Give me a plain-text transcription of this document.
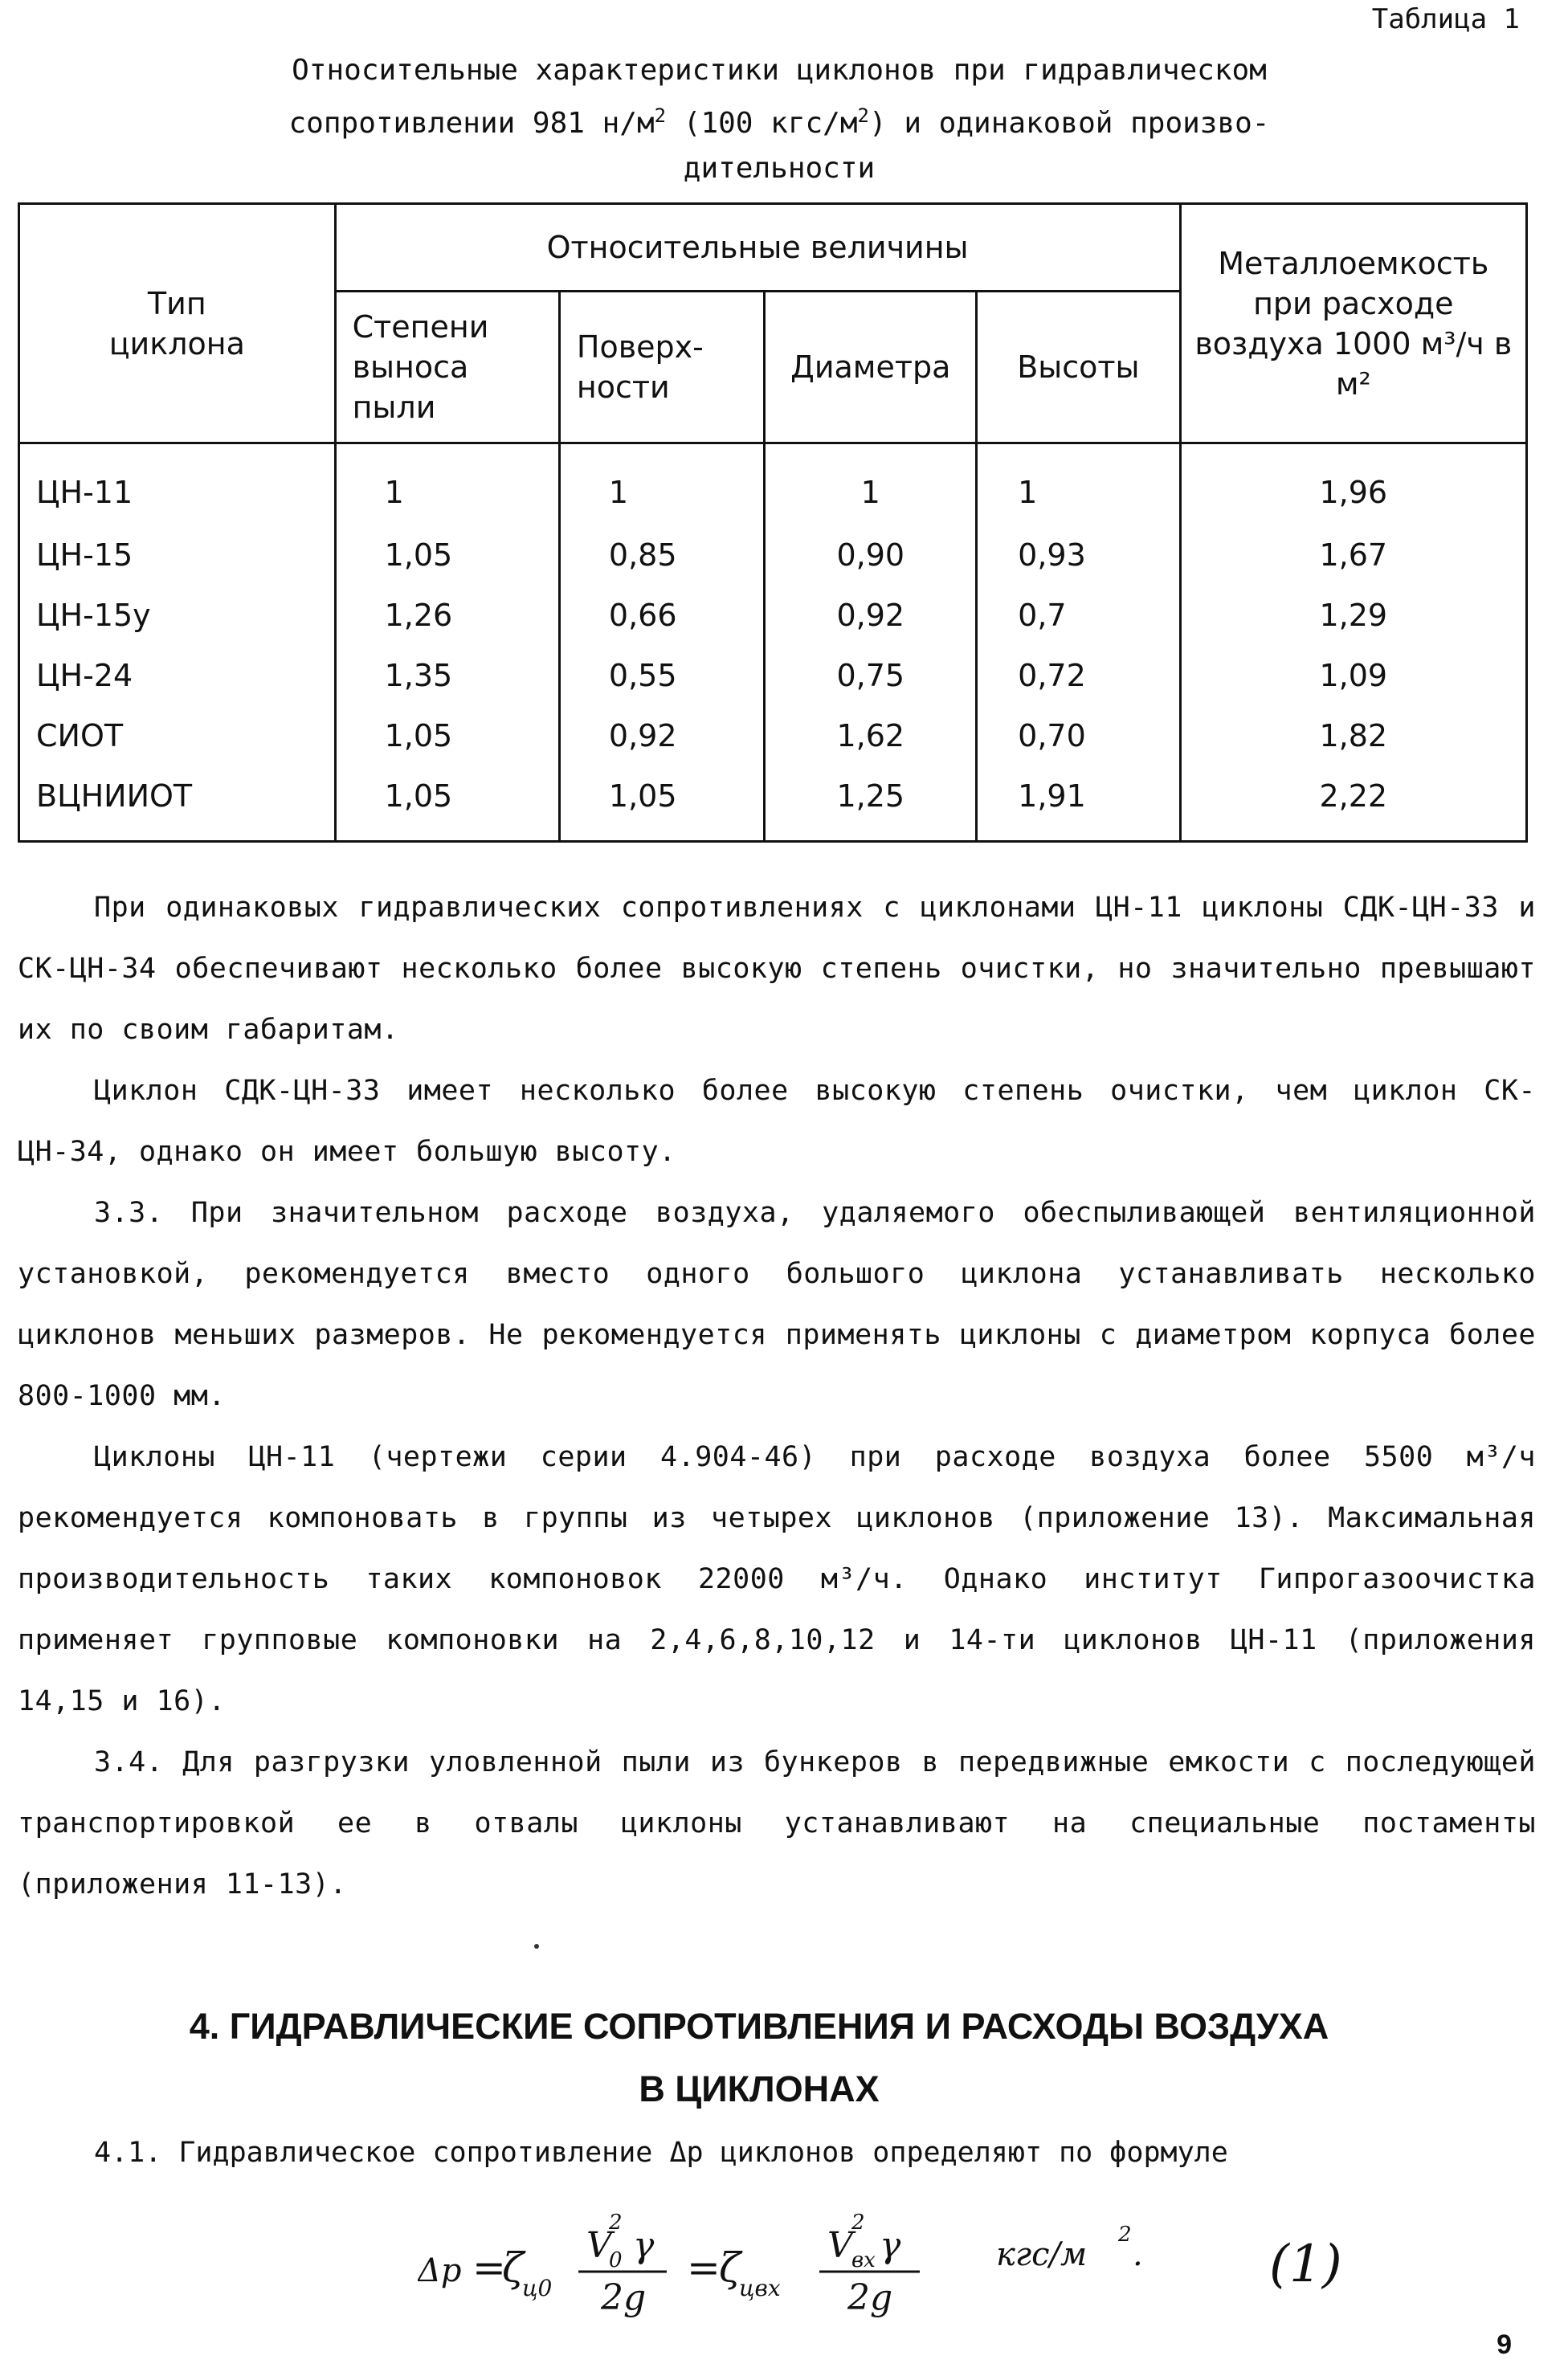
Таблица 1
Относительные характеристики циклонов при гидравлическом
сопротивлении 981 $н/м^2$ (100 кгс/$м^2$) и одинаковой произво-
дительности
Тип циклона	Относительные величины				Металлоемкость при расходе воздуха 1000 м³/ч в м²
	Степени выноса пыли	Поверх- ности	Диаметра	Высоты	
ЦН-11	1	1	1	1	1,96
ЦН-15	1,05	0,85	0,90	0,93	1,67
ЦН-15у	1,26	0,66	0,92	0,7	1,29
ЦН-24	1,35	0,55	0,75	0,72	1,09
СИОТ	1,05	0,92	1,62	0,70	1,82
ВЦНИИОТ	1,05	1,05	1,25	1,91	2,22

При одинаковых гидравлических сопротивлениях с циклонами ЦН-11 циклоны СДК-ЦН-33 и СК-ЦН-34 обеспечивают несколько более высокую степень очистки, но значительно превышают их по своим габаритам.

Циклон СДК-ЦН-33 имеет несколько более высокую степень очистки, чем циклон СК-ЦН-34, однако он имеет большую высоту.

3.3. При значительном расходе воздуха, удаляемого обеспыливающей вентиляционной установкой, рекомендуется вместо одного большого циклона устанавливать несколько циклонов меньших размеров. Не рекомендуется применять циклоны с диаметром корпуса более 800-1000 мм.

Циклоны ЦН-11 (чертежи серии 4.904-46) при расходе воздуха более 5500 м³/ч рекомендуется компоновать в группы из четырех циклонов (приложение 13). Максимальная производительность таких компоновок 22000 м³/ч. Однако институт Гипрогазоочистка применяет групповые компоновки на 2,4,6,8,10,12 и 14-ти циклонов ЦН-11 (приложения 14,15 и 16).

3.4. Для разгрузки уловленной пыли из бункеров в передвижные емкости с последующей транспортировкой ее в отвалы циклоны устанавливают на специальные постаменты (приложения 11-13).

4. ГИДРАВЛИЧЕСКИЕ СОПРОТИВЛЕНИЯ И РАСХОДЫ ВОЗДУХА
В ЦИКЛОНАХ
4.1. Гидравлическое сопротивление Δp циклонов определяют по формуле
Δp =
ζ
ц0
V
2
0 γ
2g
=
ζ
цвх
V
2
вх γ
2g
кгс/м
2
. (1)
9
